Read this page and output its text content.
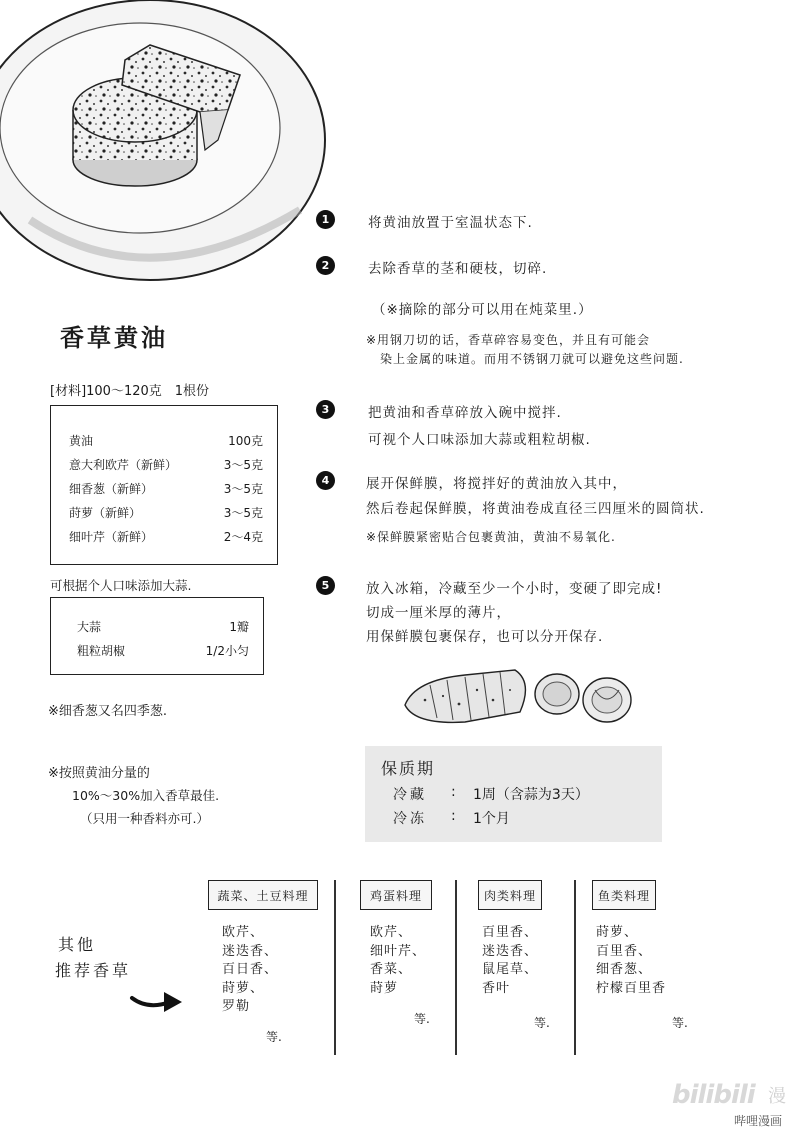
香草黄油
[材料]100～120克　1根份
黄油	100克
意大利欧芹（新鲜）	3～5克
细香葱（新鲜）	3～5克
莳萝（新鲜）	3～5克
细叶芹（新鲜）	2～4克
可根据个人口味添加大蒜.
大蒜	1瓣
粗粒胡椒	1/2小匀
※细香葱又名四季葱.
※按照黄油分量的
10%～30%加入香草最佳.
（只用一种香料亦可.）
1	将黄油放置于室温状态下.
2	去除香草的茎和硬枝，切碎.
（※摘除的部分可以用在炖菜里.）
※用钢刀切的话，香草碎容易变色，并且有可能会
染上金属的味道。而用不锈钢刀就可以避免这些问题.
3	把黄油和香草碎放入碗中搅拌.
可视个人口味添加大蒜或粗粒胡椒.
4	展开保鲜膜，将搅拌好的黄油放入其中，
然后卷起保鲜膜，将黄油卷成直径三四厘米的圆筒状.
※保鲜膜紧密贴合包裹黄油，黄油不易氧化.
5	放入冰箱，冷藏至少一个小时，变硬了即完成!
切成一厘米厚的薄片，
用保鲜膜包裹保存，也可以分开保存.
保质期
冷藏	:	1周（含蒜为3天）
冷冻	:	1个月
其他
推荐香草
蔬菜、土豆料理
欧芹、
迷迭香、
百日香、
莳萝、
罗勒
等.
鸡蛋料理
欧芹、
细叶芹、
香菜、
莳萝
等.
肉类料理
百里香、
迷迭香、
鼠尾草、
香叶
等.
鱼类料理
莳萝、
百里香、
细香葱、
柠檬百里香
等.
bilibili 漫
哔哩漫画
